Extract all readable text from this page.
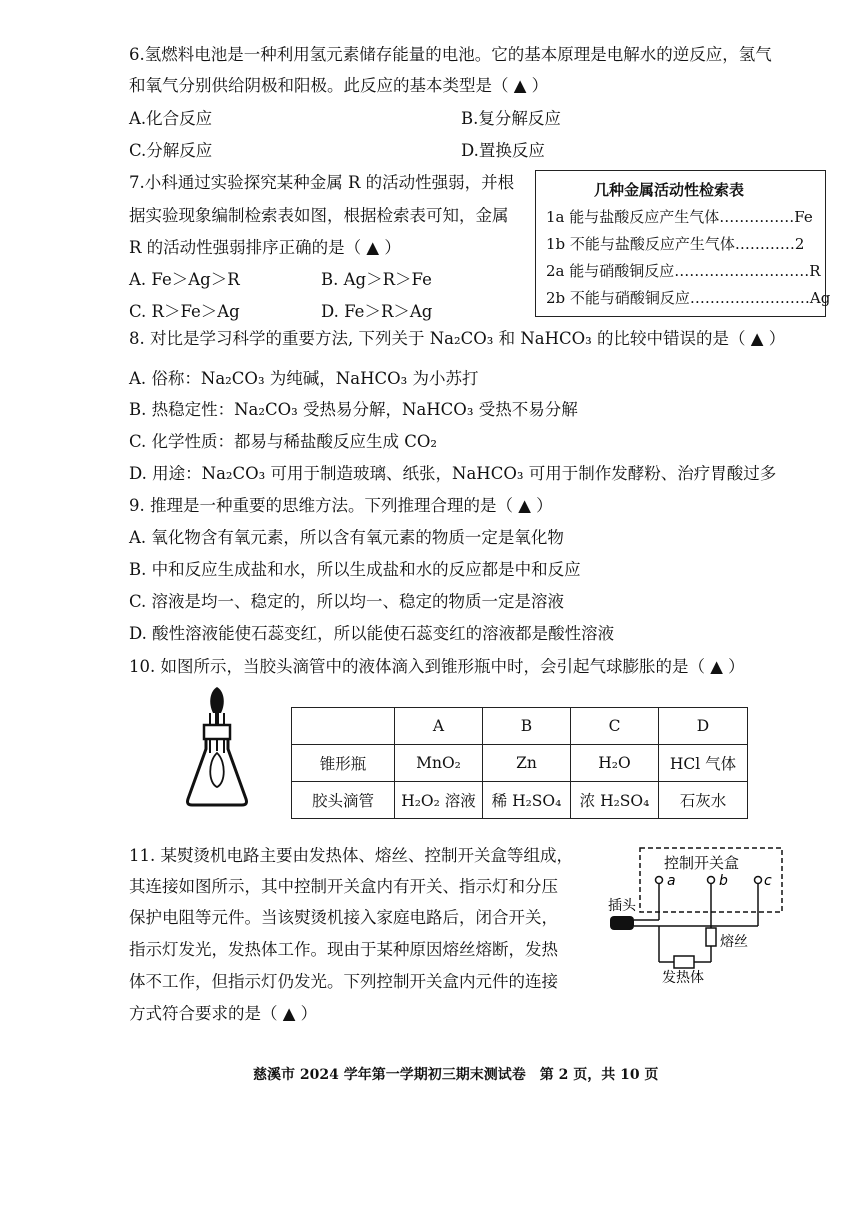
6.氢燃料电池是一种利用氢元素储存能量的电池。它的基本原理是电解水的逆反应，氢气
和氧气分别供给阴极和阳极。此反应的基本类型是（ ▲ ）
A.化合反应	B.复分解反应
C.分解反应	D.置换反应
7.小科通过实验探究某种金属 R 的活动性强弱，并根
据实验现象编制检索表如图，根据检索表可知，金属
R 的活动性强弱排序正确的是（ ▲ ）
A. Fe＞Ag＞R	B. Ag＞R＞Fe
C. R＞Fe＞Ag	D. Fe＞R＞Ag
几种金属活动性检索表
1a 能与盐酸反应产生气体……………Fe
1b 不能与盐酸反应产生气体…………2
2a 能与硝酸铜反应………………………R
2b 不能与硝酸铜反应……………………Ag
8. 对比是学习科学的重要方法, 下列关于 Na₂CO₃ 和 NaHCO₃ 的比较中错误的是（ ▲ ）
A. 俗称：Na₂CO₃ 为纯碱，NaHCO₃ 为小苏打
B. 热稳定性：Na₂CO₃ 受热易分解，NaHCO₃ 受热不易分解
C. 化学性质：都易与稀盐酸反应生成 CO₂
D. 用途：Na₂CO₃ 可用于制造玻璃、纸张，NaHCO₃ 可用于制作发酵粉、治疗胃酸过多
9. 推理是一种重要的思维方法。下列推理合理的是（ ▲ ）
A. 氧化物含有氧元素，所以含有氧元素的物质一定是氧化物
B. 中和反应生成盐和水，所以生成盐和水的反应都是中和反应
C. 溶液是均一、稳定的，所以均一、稳定的物质一定是溶液
D. 酸性溶液能使石蕊变红，所以能使石蕊变红的溶液都是酸性溶液
10. 如图所示，当胶头滴管中的液体滴入到锥形瓶中时，会引起气球膨胀的是（ ▲ ）
	A	B	C	D
锥形瓶	MnO₂	Zn	H₂O	HCl 气体
胶头滴管	H₂O₂ 溶液	稀 H₂SO₄	浓 H₂SO₄	石灰水
11. 某熨烫机电路主要由发热体、熔丝、控制开关盒等组成，
其连接如图所示，其中控制开关盒内有开关、指示灯和分压
保护电阻等元件。当该熨烫机接入家庭电路后，闭合开关，
指示灯发光，发热体工作。现由于某种原因熔丝熔断，发热
体不工作，但指示灯仍发光。下列控制开关盒内元件的连接
方式符合要求的是（ ▲ ）
控制开关盒
a	b	c
插头
熔丝
发热体
慈溪市 2024 学年第一学期初三期末测试卷　第 2 页，共 10 页
